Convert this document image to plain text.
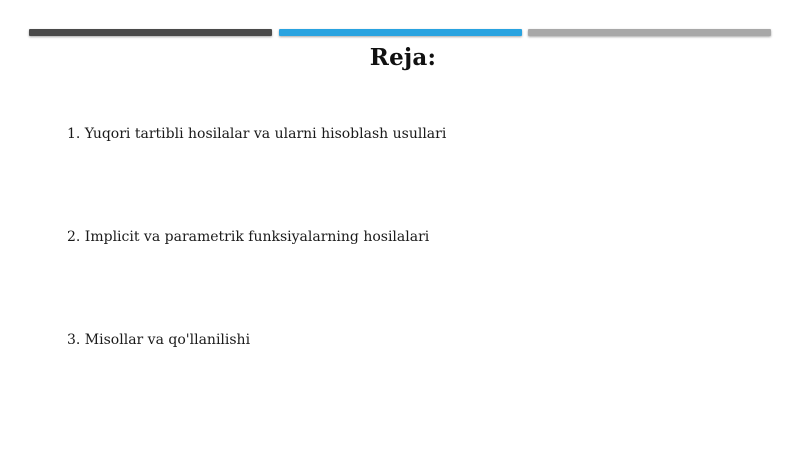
Reja:
1. Yuqori tartibli hosilalar va ularni hisoblash usullari
2. Implicit va parametrik funksiyalarning hosilalari
3. Misollar va qo'llanilishi
